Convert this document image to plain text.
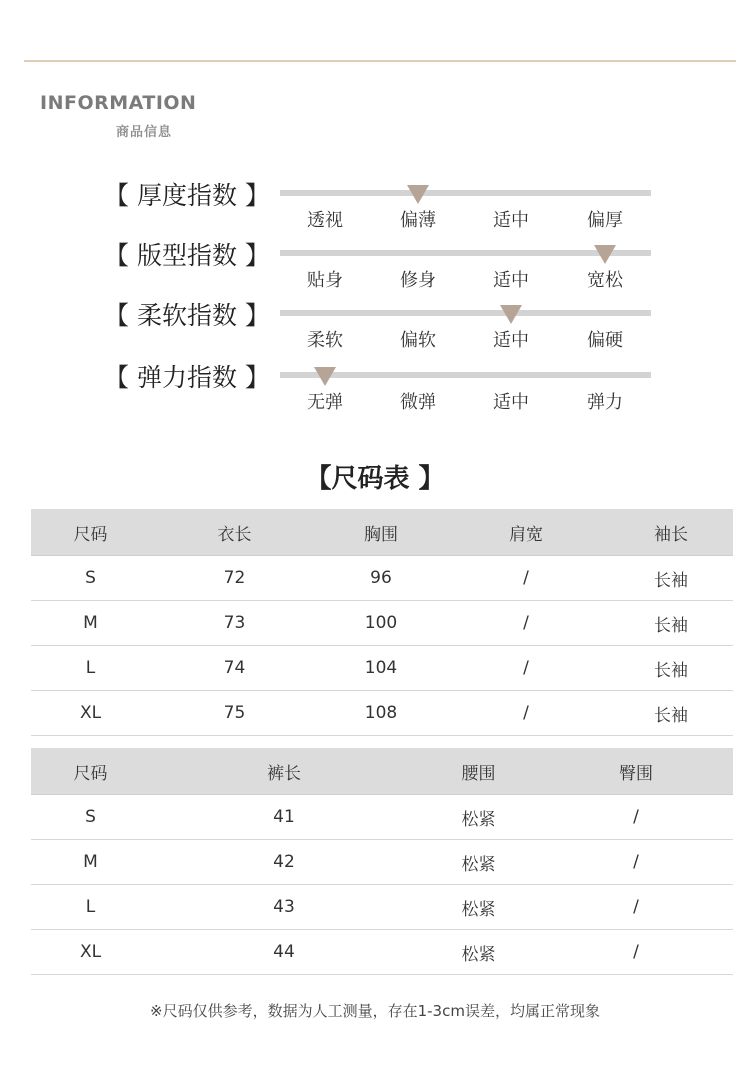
INFORMATION
商品信息
【 厚度指数 】
透视	偏薄	适中	偏厚
【 版型指数 】
贴身	修身	适中	宽松
【 柔软指数 】
柔软	偏软	适中	偏硬
【 弹力指数 】
无弹	微弹	适中	弹力
【尺码表 】
尺码	衣长	胸围	肩宽	袖长
S	72	96	/	长袖
M	73	100	/	长袖
L	74	104	/	长袖
XL	75	108	/	长袖
尺码	裤长	腰围	臀围
S	41	松紧	/
M	42	松紧	/
L	43	松紧	/
XL	44	松紧	/
※尺码仅供参考，数据为人工测量，存在1-3cm误差，均属正常现象
